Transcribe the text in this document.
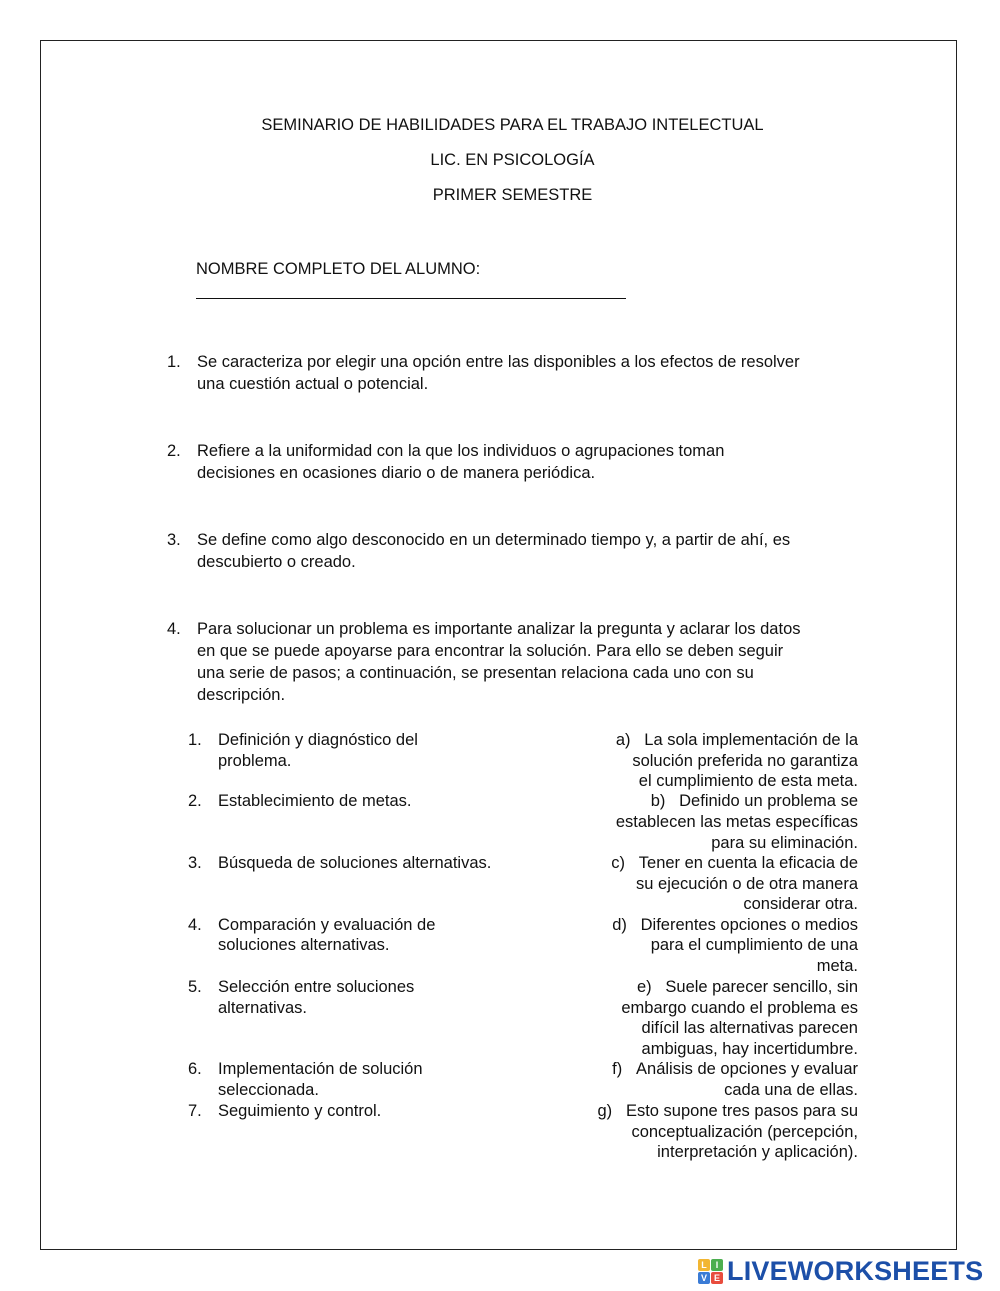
SEMINARIO DE HABILIDADES PARA EL TRABAJO INTELECTUAL
LIC. EN PSICOLOGÍA
PRIMER SEMESTRE
NOMBRE COMPLETO DEL ALUMNO:
1. Se caracteriza por elegir una opción entre las disponibles a los efectos de resolver
una cuestión actual o potencial.
2. Refiere a la uniformidad con la que los individuos o agrupaciones toman
decisiones en ocasiones diario o de manera periódica.
3. Se define como algo desconocido en un determinado tiempo y, a partir de ahí, es
descubierto o creado.
4. Para solucionar un problema es importante analizar la pregunta y aclarar los datos
en que se puede apoyarse para encontrar la solución. Para ello se deben seguir
una serie de pasos; a continuación, se presentan relaciona cada uno con su
descripción.
1. Definición y diagnóstico del
problema.
2. Establecimiento de metas.
3. Búsqueda de soluciones alternativas.
4. Comparación y evaluación de
soluciones alternativas.
5. Selección entre soluciones
alternativas.
6. Implementación de solución
seleccionada.
7. Seguimiento y control.
a) La sola implementación de la
solución preferida no garantiza
el cumplimiento de esta meta.
b) Definido un problema se
establecen las metas específicas
para su eliminación.
c) Tener en cuenta la eficacia de
su ejecución o de otra manera
considerar otra.
d) Diferentes opciones o medios
para el cumplimiento de una
meta.
e) Suele parecer sencillo, sin
embargo cuando el problema es
difícil las alternativas parecen
ambiguas, hay incertidumbre.
f) Análisis de opciones y evaluar
cada una de ellas.
g) Esto supone tres pasos para su
conceptualización (percepción,
interpretación y aplicación).
L I
V E LIVEWORKSHEETS
